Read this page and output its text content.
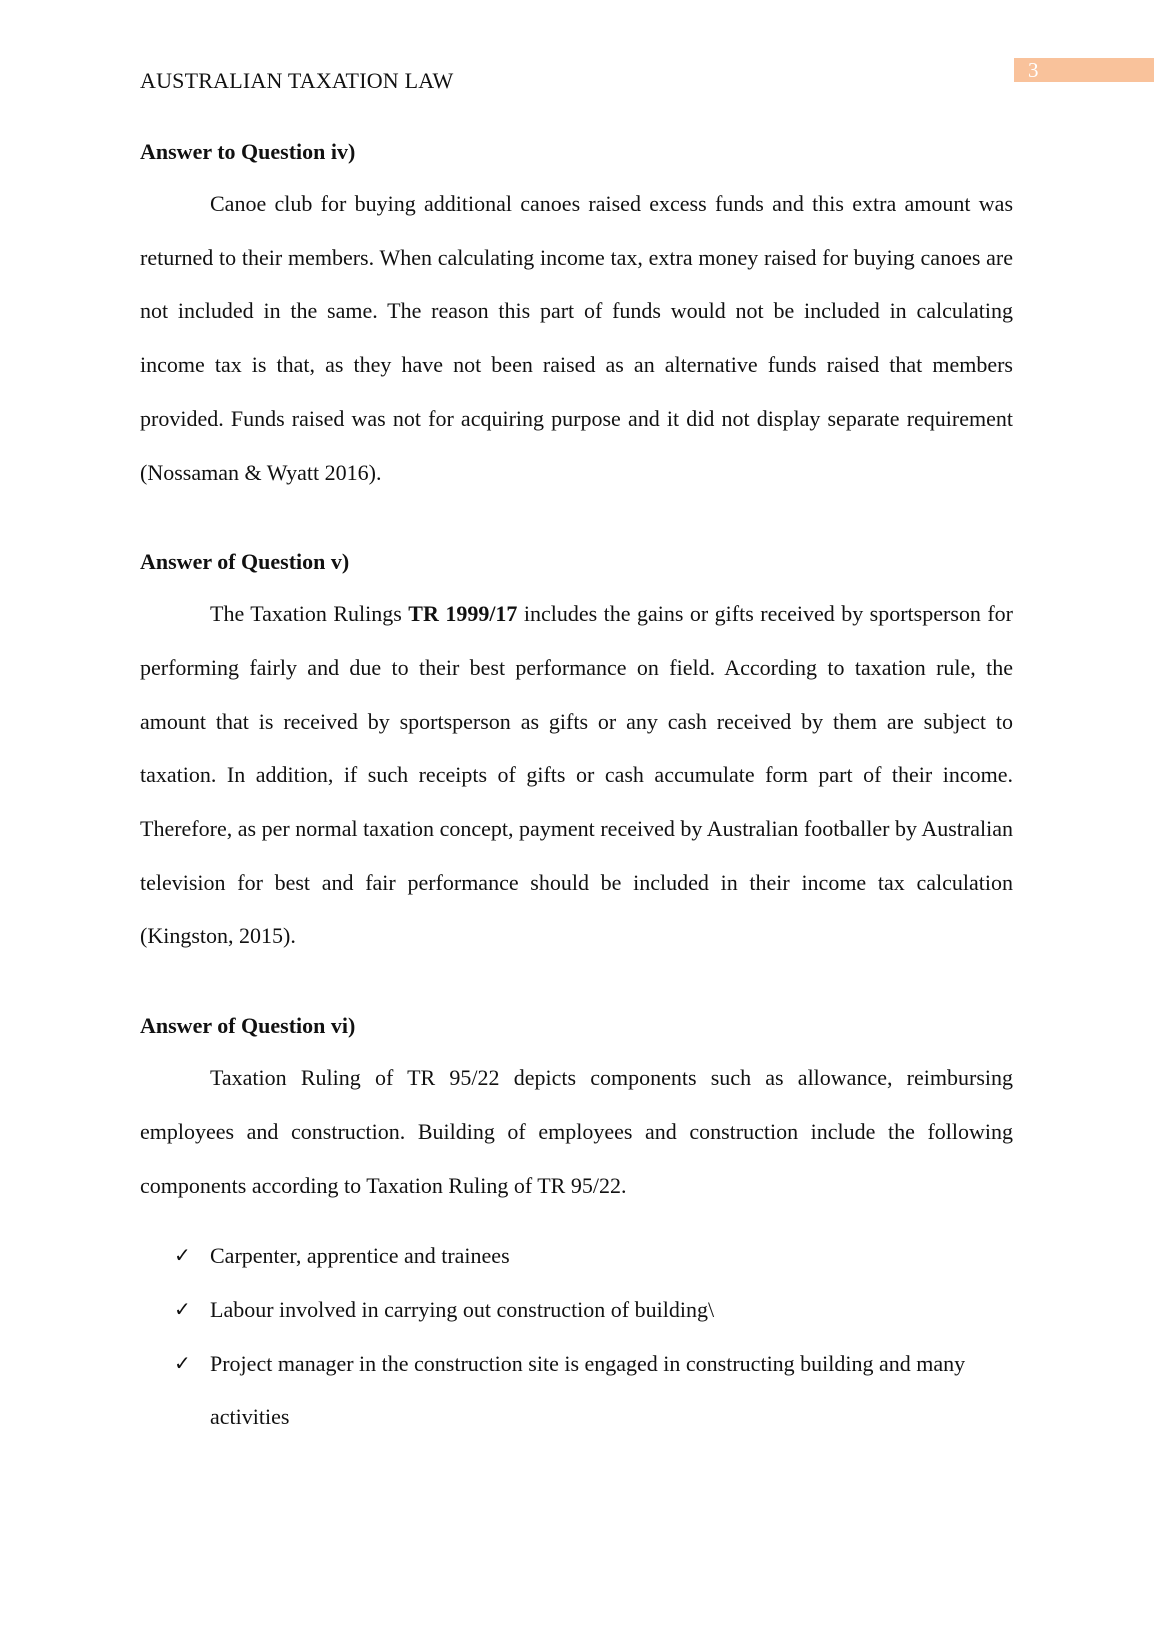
3
AUSTRALIAN TAXATION LAW
Answer to Question iv)

Canoe club for buying additional canoes raised excess funds and this extra amount was returned to their members. When calculating income tax, extra money raised for buying canoes are not included in the same. The reason this part of funds would not be included in calculating income tax is that, as they have not been raised as an alternative funds raised that members provided. Funds raised was not for acquiring purpose and it did not display separate requirement (Nossaman & Wyatt 2016).

Answer of Question v)

The Taxation Rulings TR 1999/17 includes the gains or gifts received by sportsperson for performing fairly and due to their best performance on field. According to taxation rule, the amount that is received by sportsperson as gifts or any cash received by them are subject to taxation. In addition, if such receipts of gifts or cash accumulate form part of their income. Therefore, as per normal taxation concept, payment received by Australian footballer by Australian television for best and fair performance should be included in their income tax calculation (Kingston, 2015).

Answer of Question vi)

Taxation Ruling of TR 95/22 depicts components such as allowance, reimbursing employees and construction. Building of employees and construction include the following components according to Taxation Ruling of TR 95/22.

✓ Carpenter, apprentice and trainees
✓ Labour involved in carrying out construction of building\
✓ Project manager in the construction site is engaged in constructing building and many activities
